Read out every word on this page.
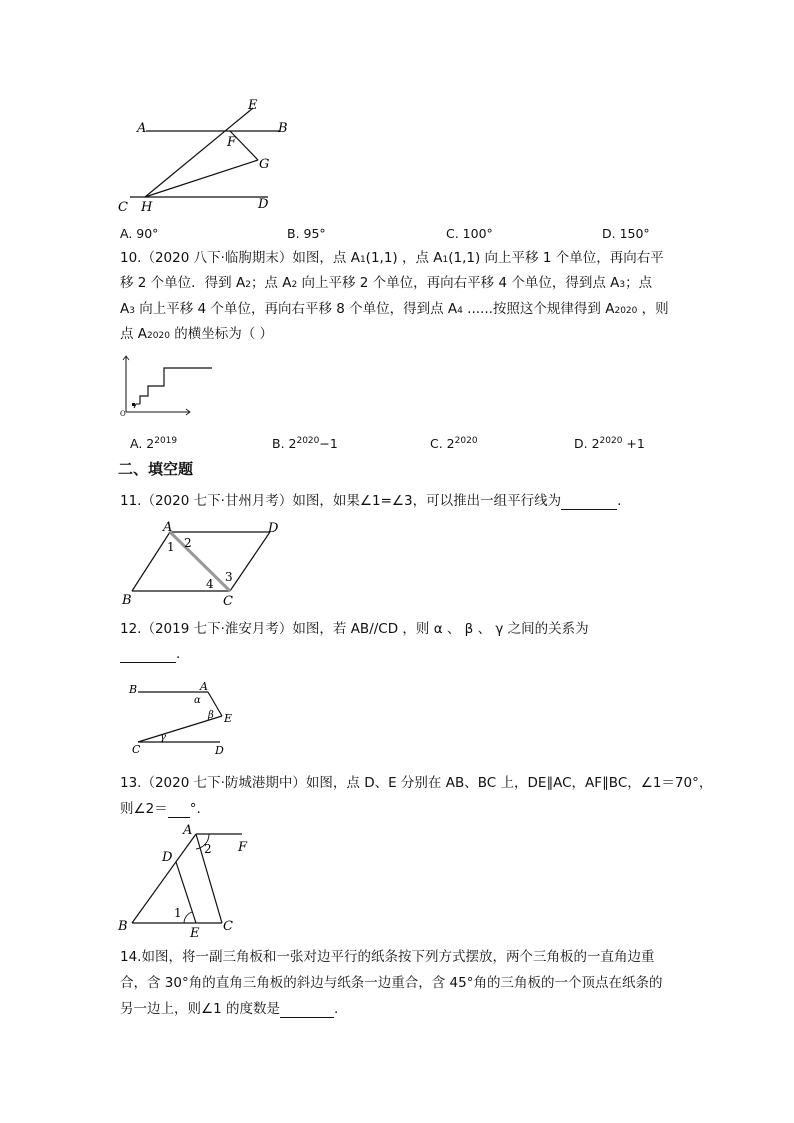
A	B
E
F
G
C H	D
A. 90°	B. 95°	C. 100°	D. 150°
10.（2020 八下·临朐期末）如图，点 A1(1,1) ，点 A1(1,1) 向上平移 1 个单位，再向右平
移 2 个单位．得到 A2；点 A2 向上平移 2 个单位，再向右平移 4 个单位，得到点 A3；点
A3 向上平移 4 个单位，再向右平移 8 个单位，得到点 A4 ......按照这个规律得到 A2020 ，则
点 A2020 的横坐标为（ ）
O
A. $2^{2019}$	B. $2^{2020}-1$	C. $2^{2020}$	D. $2^{2020} +1$
二、填空题
11.（2020 七下·甘州月考）如图，如果∠1=∠3，可以推出一组平行线为	.
A	D
1 2
4 3
B	C
12.（2019 七下·淮安月考）如图，若 AB//CD ，则 α 、 β 、 γ 之间的关系为
.
B	A
α
β E
γ
C	D
13.（2020 七下·防城港期中）如图，点 D、E 分别在 AB、BC 上，DE∥AC，AF∥BC，∠1＝70°，
则∠2＝ °.
A
F
2
D
1
B	E C
14.如图，将一副三角板和一张对边平行的纸条按下列方式摆放，两个三角板的一直角边重
合，含 30°角的直角三角板的斜边与纸条一边重合，含 45°角的三角板的一个顶点在纸条的
另一边上，则∠1 的度数是	.
